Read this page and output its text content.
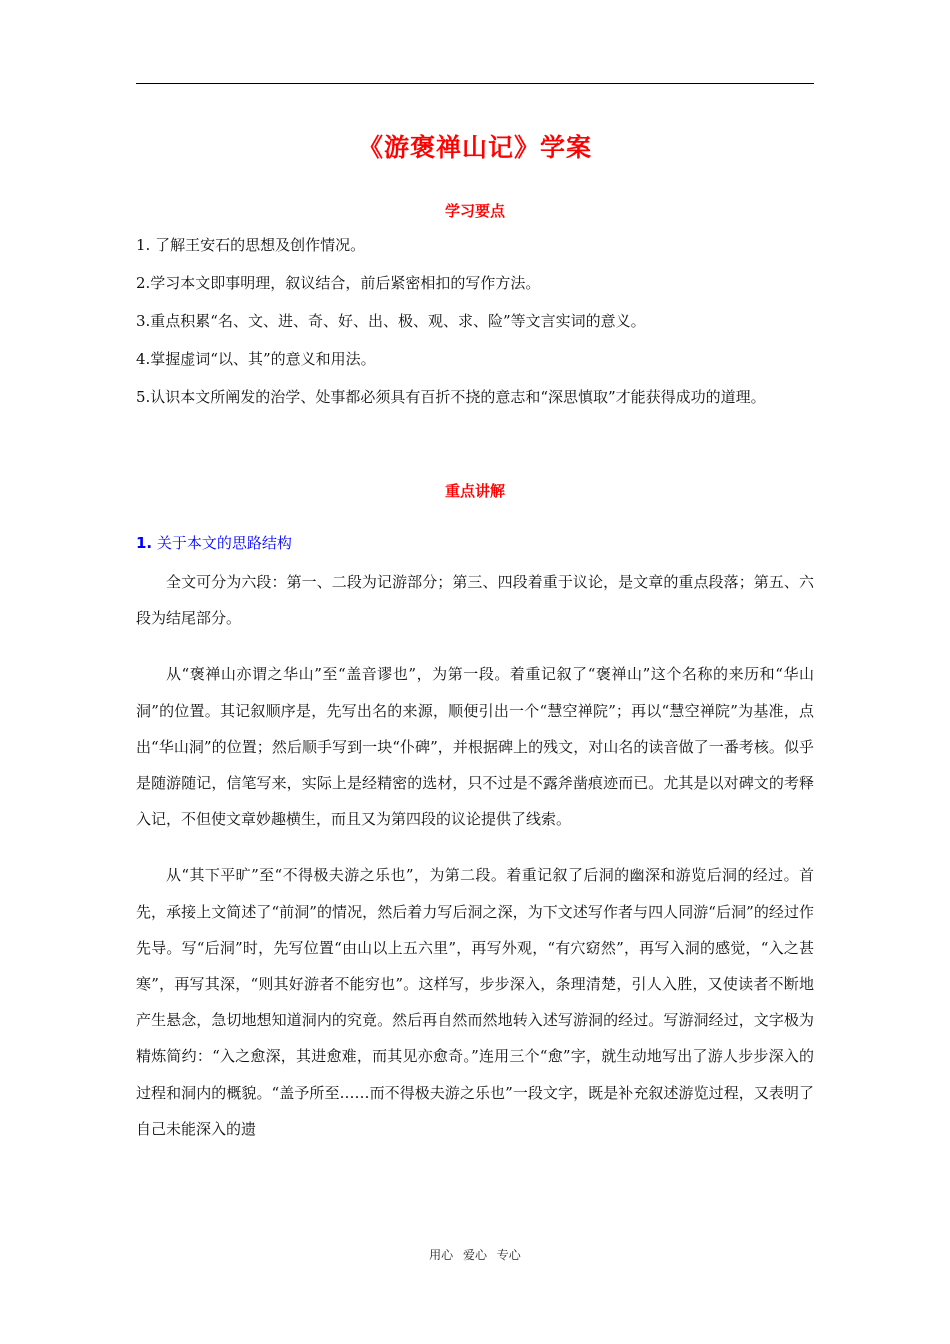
《游褒禅山记》学案
学习要点

1. 了解王安石的思想及创作情况。

2.学习本文即事明理，叙议结合，前后紧密相扣的写作方法。

3.重点积累“名、文、进、奇、好、出、极、观、求、险”等文言实词的意义。

4.掌握虚词“以、其”的意义和用法。

5.认识本文所阐发的治学、处事都必须具有百折不挠的意志和“深思慎取”才能获得成功的道理。

重点讲解
1. 关于本文的思路结构

全文可分为六段：第一、二段为记游部分；第三、四段着重于议论，是文章的重点段落；第五、六段为结尾部分。

从“褒禅山亦谓之华山”至“盖音谬也”，为第一段。着重记叙了“褒禅山”这个名称的来历和“华山洞”的位置。其记叙顺序是，先写出名的来源，顺便引出一个“慧空禅院”；再以“慧空禅院”为基准，点出“华山洞”的位置；然后顺手写到一块“仆碑”，并根据碑上的残文，对山名的读音做了一番考核。似乎是随游随记，信笔写来，实际上是经精密的选材，只不过是不露斧凿痕迹而已。尤其是以对碑文的考释入记，不但使文章妙趣横生，而且又为第四段的议论提供了线索。

从“其下平旷”至“不得极夫游之乐也”，为第二段。着重记叙了后洞的幽深和游览后洞的经过。首先，承接上文简述了“前洞”的情况，然后着力写后洞之深，为下文述写作者与四人同游“后洞”的经过作先导。写“后洞”时，先写位置“由山以上五六里”，再写外观，“有穴窈然”，再写入洞的感觉，“入之甚寒”，再写其深，“则其好游者不能穷也”。这样写，步步深入，条理清楚，引人入胜，又使读者不断地产生悬念，急切地想知道洞内的究竟。然后再自然而然地转入述写游洞的经过。写游洞经过，文字极为精炼简约：“入之愈深，其进愈难，而其见亦愈奇。”连用三个“愈”字，就生动地写出了游人步步深入的过程和洞内的概貌。“盖予所至……而不得极夫游之乐也”一段文字，既是补充叙述游览过程，又表明了自己未能深入的遗

用心 爱心 专心
